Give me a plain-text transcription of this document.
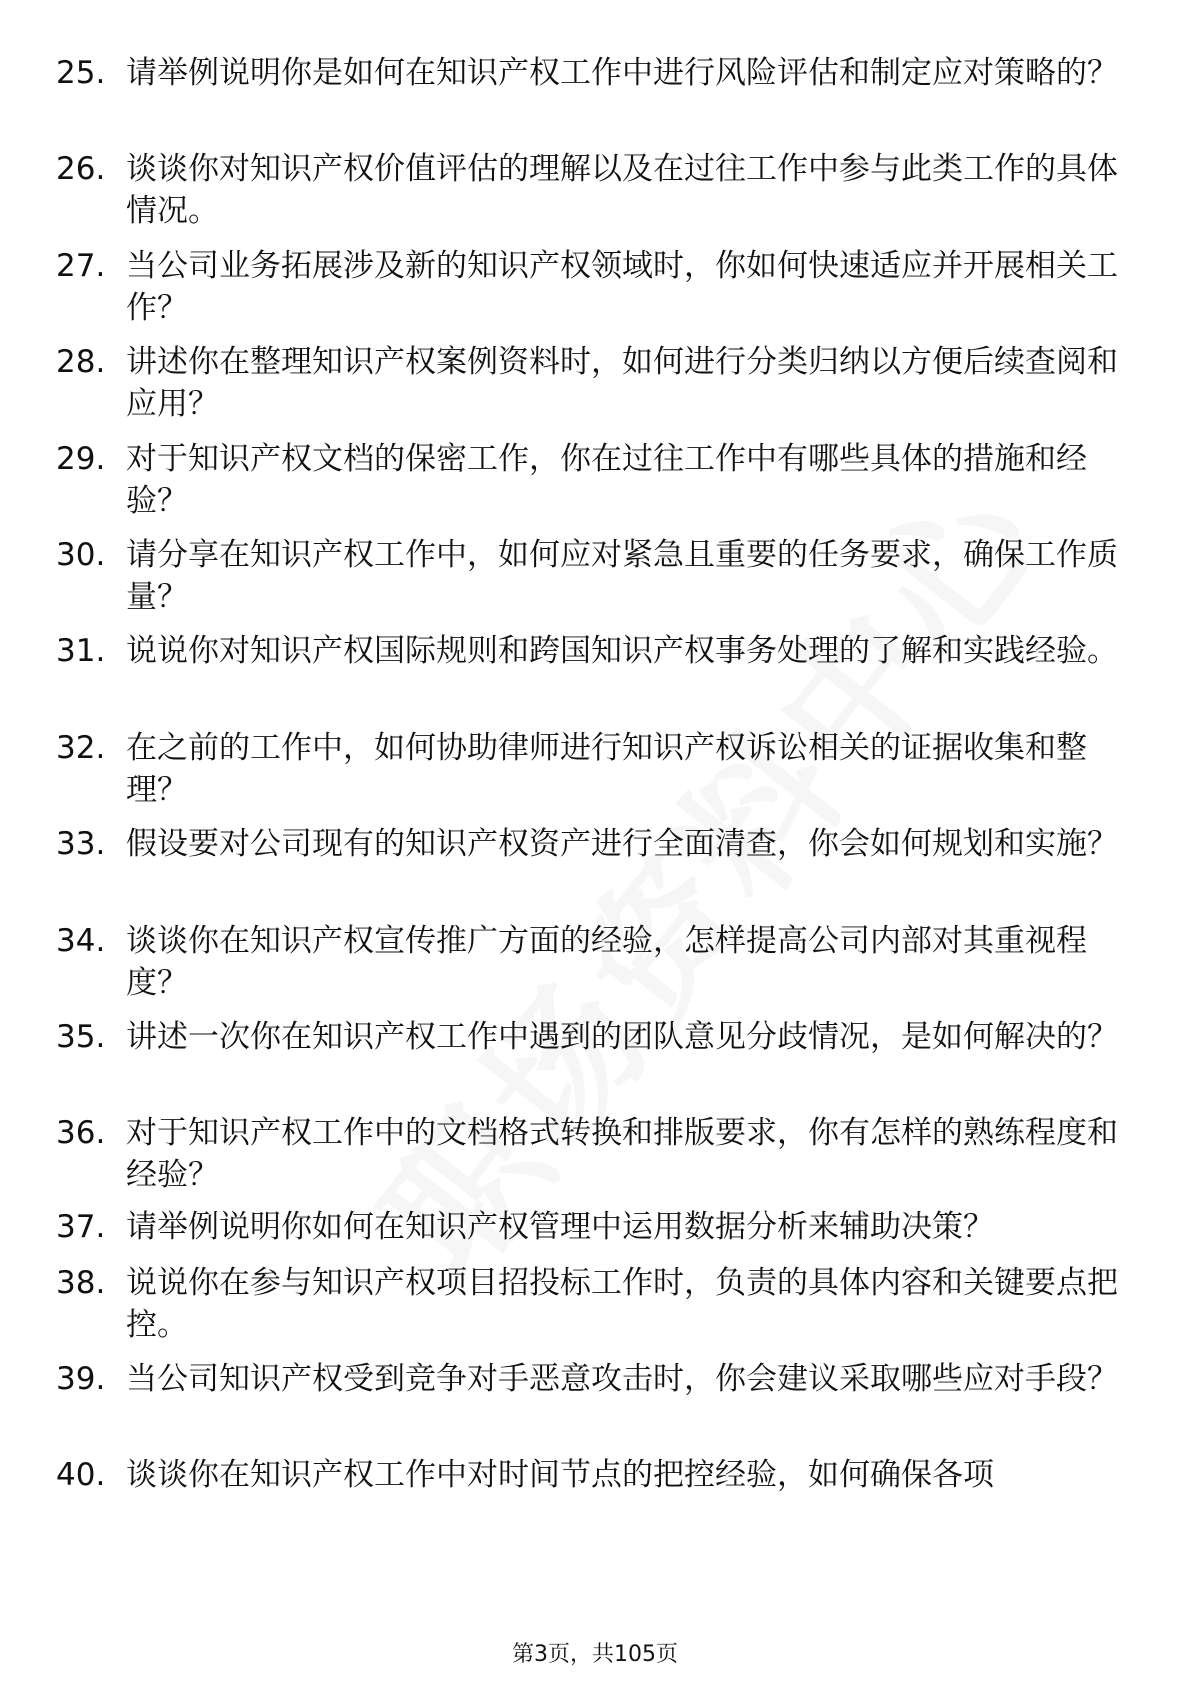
25. 请举例说明你是如何在知识产权工作中进行风险评估和制定应对策略的？
26. 谈谈你对知识产权价值评估的理解以及在过往工作中参与此类工作的具体情况。
27. 当公司业务拓展涉及新的知识产权领域时，你如何快速适应并开展相关工作？
28. 讲述你在整理知识产权案例资料时，如何进行分类归纳以方便后续查阅和应用？
29. 对于知识产权文档的保密工作，你在过往工作中有哪些具体的措施和经验？
30. 请分享在知识产权工作中，如何应对紧急且重要的任务要求，确保工作质量？
31. 说说你对知识产权国际规则和跨国知识产权事务处理的了解和实践经验。
32. 在之前的工作中，如何协助律师进行知识产权诉讼相关的证据收集和整理？
33. 假设要对公司现有的知识产权资产进行全面清查，你会如何规划和实施？
34. 谈谈你在知识产权宣传推广方面的经验，怎样提高公司内部对其重视程度？
35. 讲述一次你在知识产权工作中遇到的团队意见分歧情况，是如何解决的？
36. 对于知识产权工作中的文档格式转换和排版要求，你有怎样的熟练程度和经验？
37. 请举例说明你如何在知识产权管理中运用数据分析来辅助决策？
38. 说说你在参与知识产权项目招投标工作时，负责的具体内容和关键要点把控。
39. 当公司知识产权受到竞争对手恶意攻击时，你会建议采取哪些应对手段？
40. 谈谈你在知识产权工作中对时间节点的把控经验，如何确保各项
第3页，共105页
